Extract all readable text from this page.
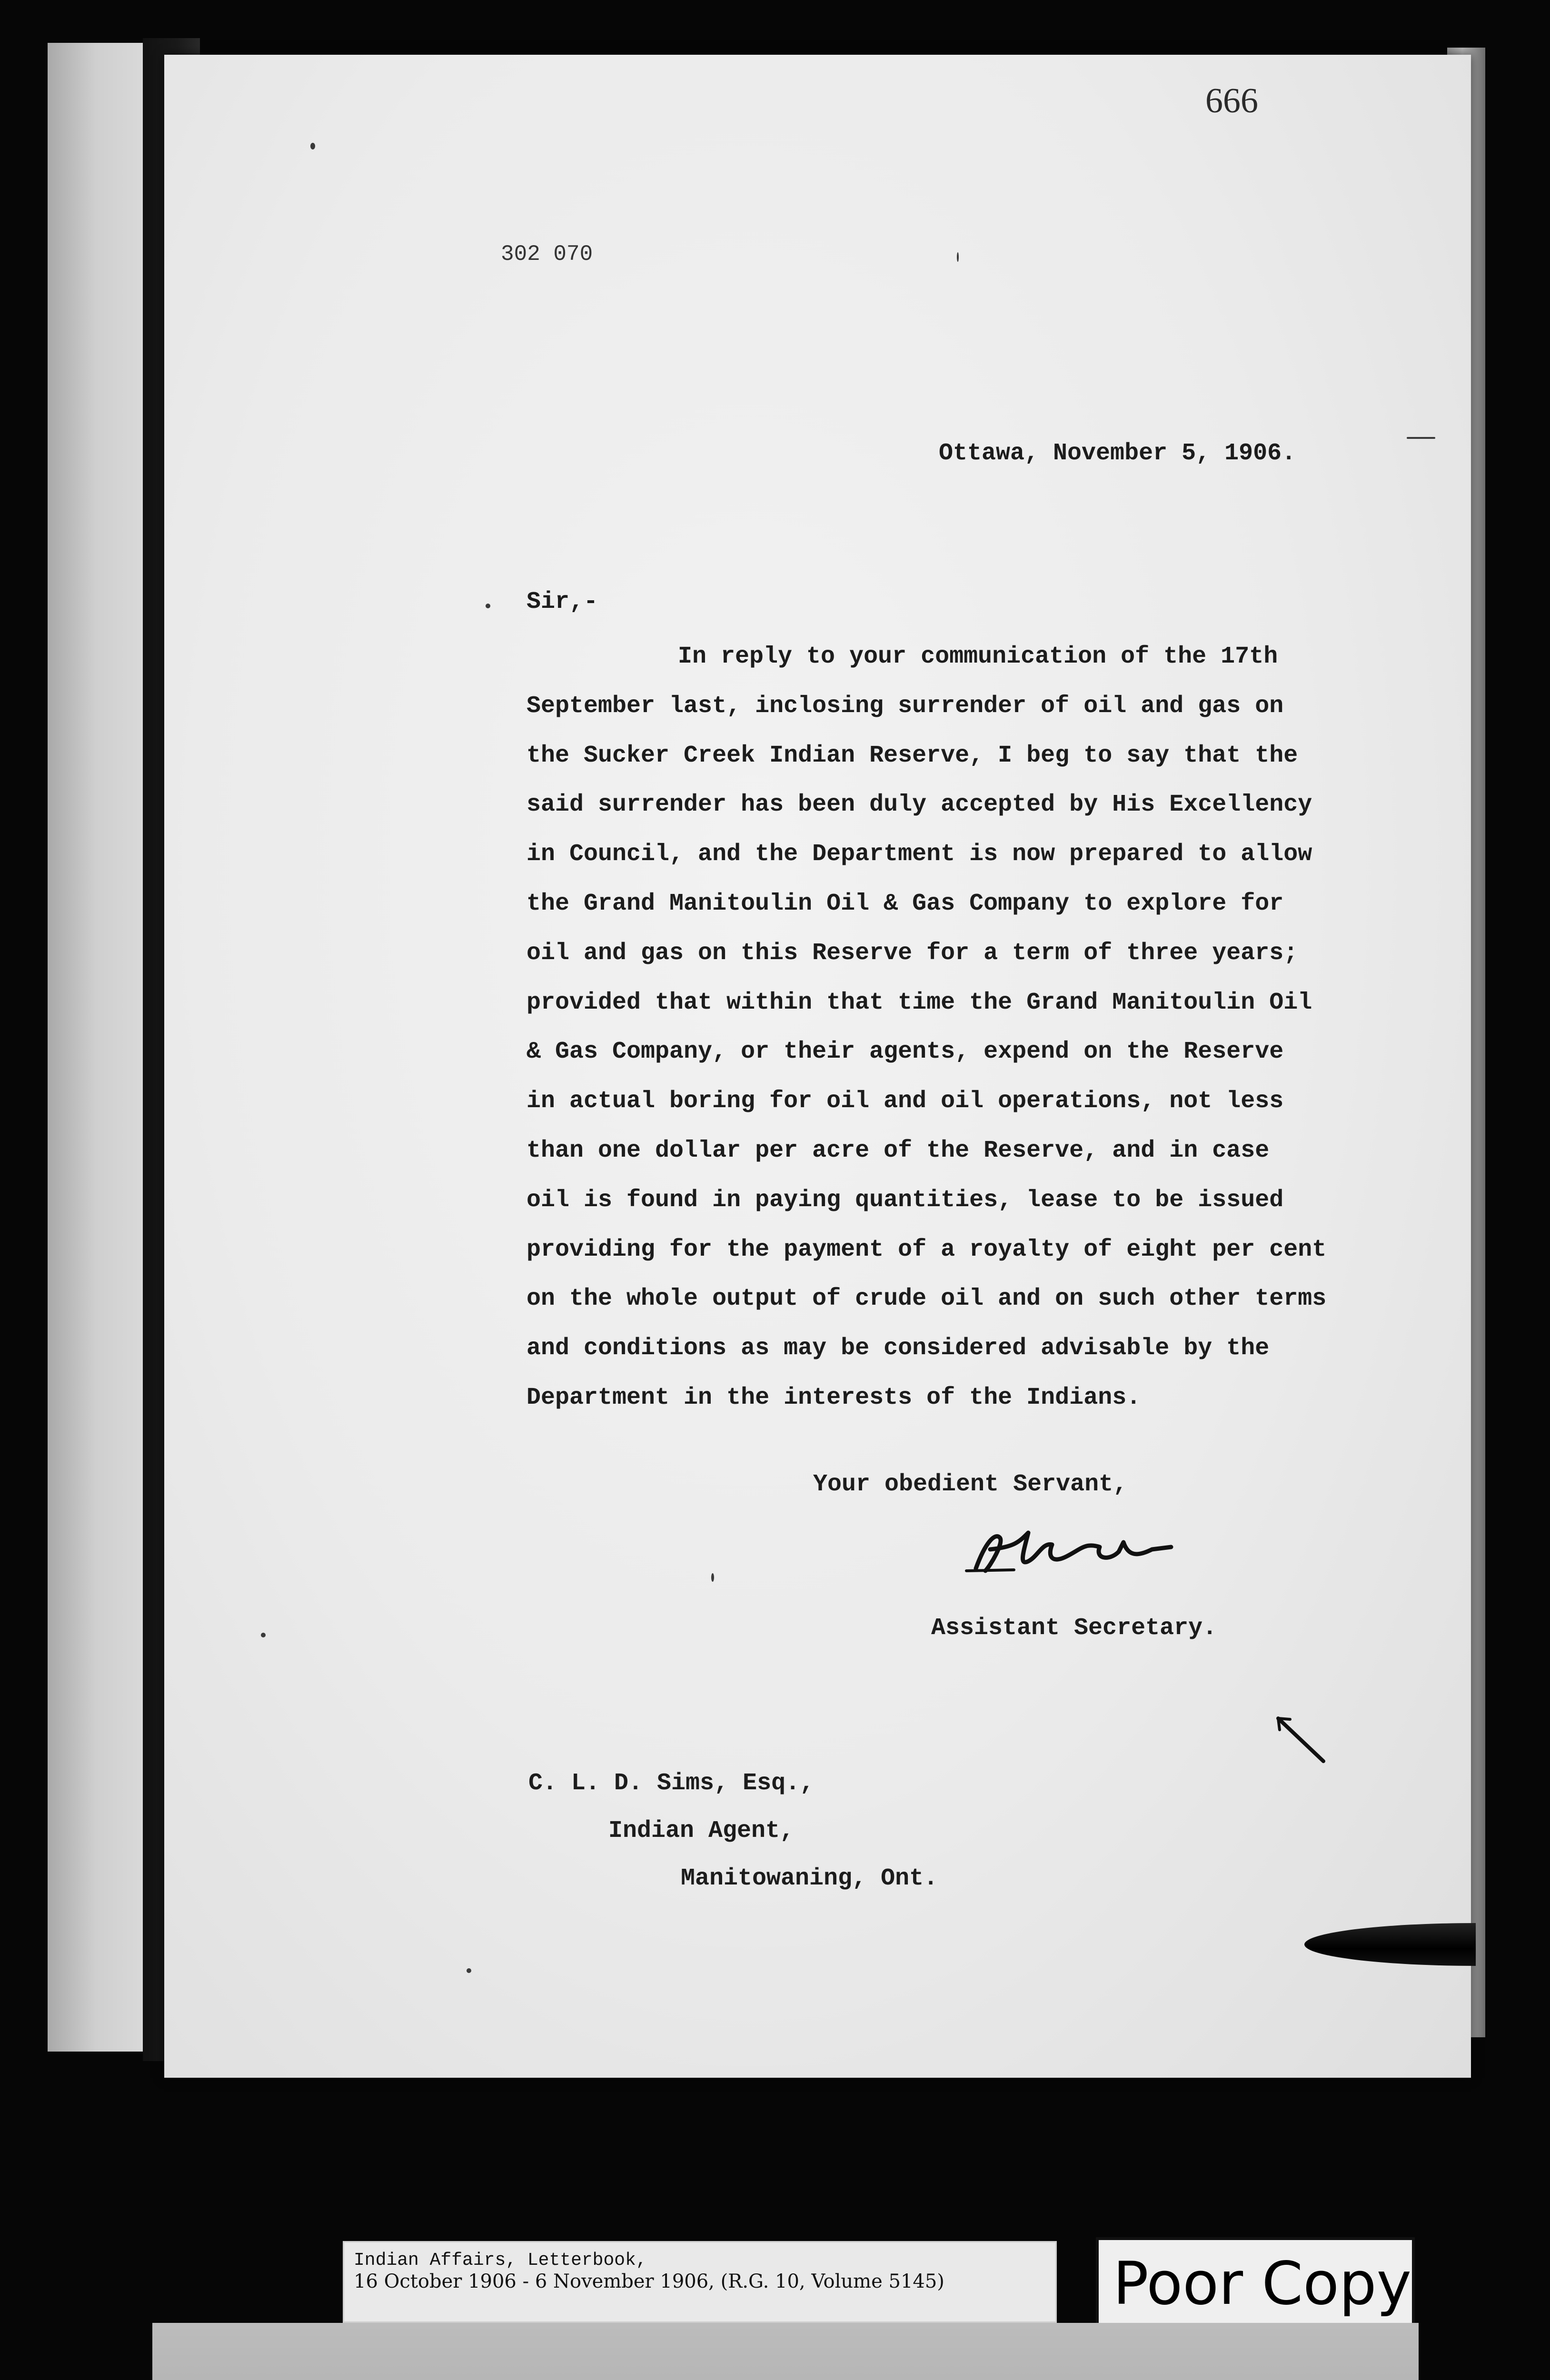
666
302 070
Ottawa, November 5, 1906.
Sir,-
In reply to your communication of the 17th
September last, inclosing surrender of oil and gas on
the Sucker Creek Indian Reserve, I beg to say that the
said surrender has been duly accepted by His Excellency
in Council, and the Department is now prepared to allow
the Grand Manitoulin Oil & Gas Company to explore for
oil and gas on this Reserve for a term of three years;
provided that within that time the Grand Manitoulin Oil
& Gas Company, or their agents, expend on the Reserve
in actual boring for oil and oil operations, not less
than one dollar per acre of the Reserve, and in case
oil is found in paying quantities, lease to be issued
providing for the payment of a royalty of eight per cent
on the whole output of crude oil and on such other terms
and conditions as may be considered advisable by the
Department in the interests of the Indians.
Your obedient Servant,
Assistant Secretary.
C. L. D. Sims, Esq.,
Indian Agent,
Manitowaning, Ont.
Indian Affairs, Letterbook,
16 October 1906 - 6 November 1906, (R.G. 10, Volume 5145)	Poor Copy
